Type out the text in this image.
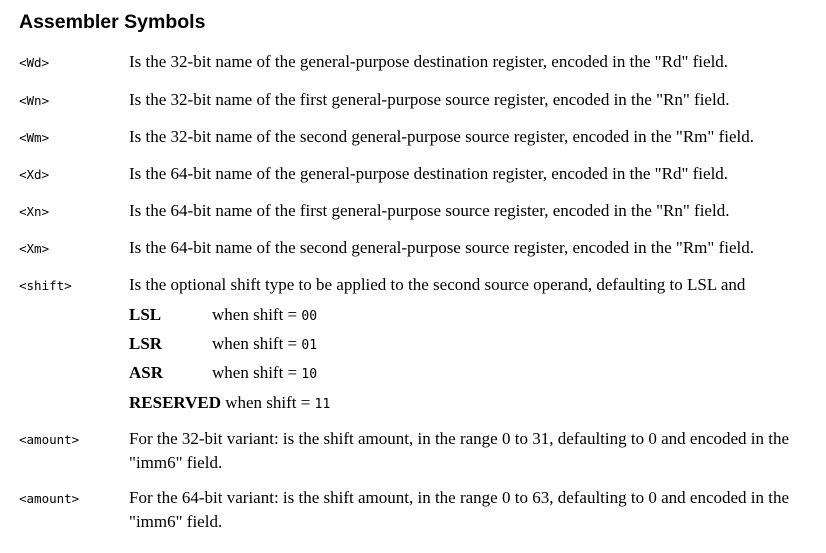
Assembler Symbols
<Wd>	Is the 32-bit name of the general-purpose destination register, encoded in the "Rd" field.
<Wn>	Is the 32-bit name of the first general-purpose source register, encoded in the "Rn" field.
<Wm>	Is the 32-bit name of the second general-purpose source register, encoded in the "Rm" field.
<Xd>	Is the 64-bit name of the general-purpose destination register, encoded in the "Rd" field.
<Xn>	Is the 64-bit name of the first general-purpose source register, encoded in the "Rn" field.
<Xm>	Is the 64-bit name of the second general-purpose source register, encoded in the "Rm" field.
<shift>	Is the optional shift type to be applied to the second source operand, defaulting to LSL and
LSL	when shift = 00
LSR	when shift = 01
ASR	when shift = 10
RESERVED when shift = 11
<amount>	For the 32-bit variant: is the shift amount, in the range 0 to 31, defaulting to 0 and encoded in the "imm6" field.
<amount>	For the 64-bit variant: is the shift amount, in the range 0 to 63, defaulting to 0 and encoded in the "imm6" field.
